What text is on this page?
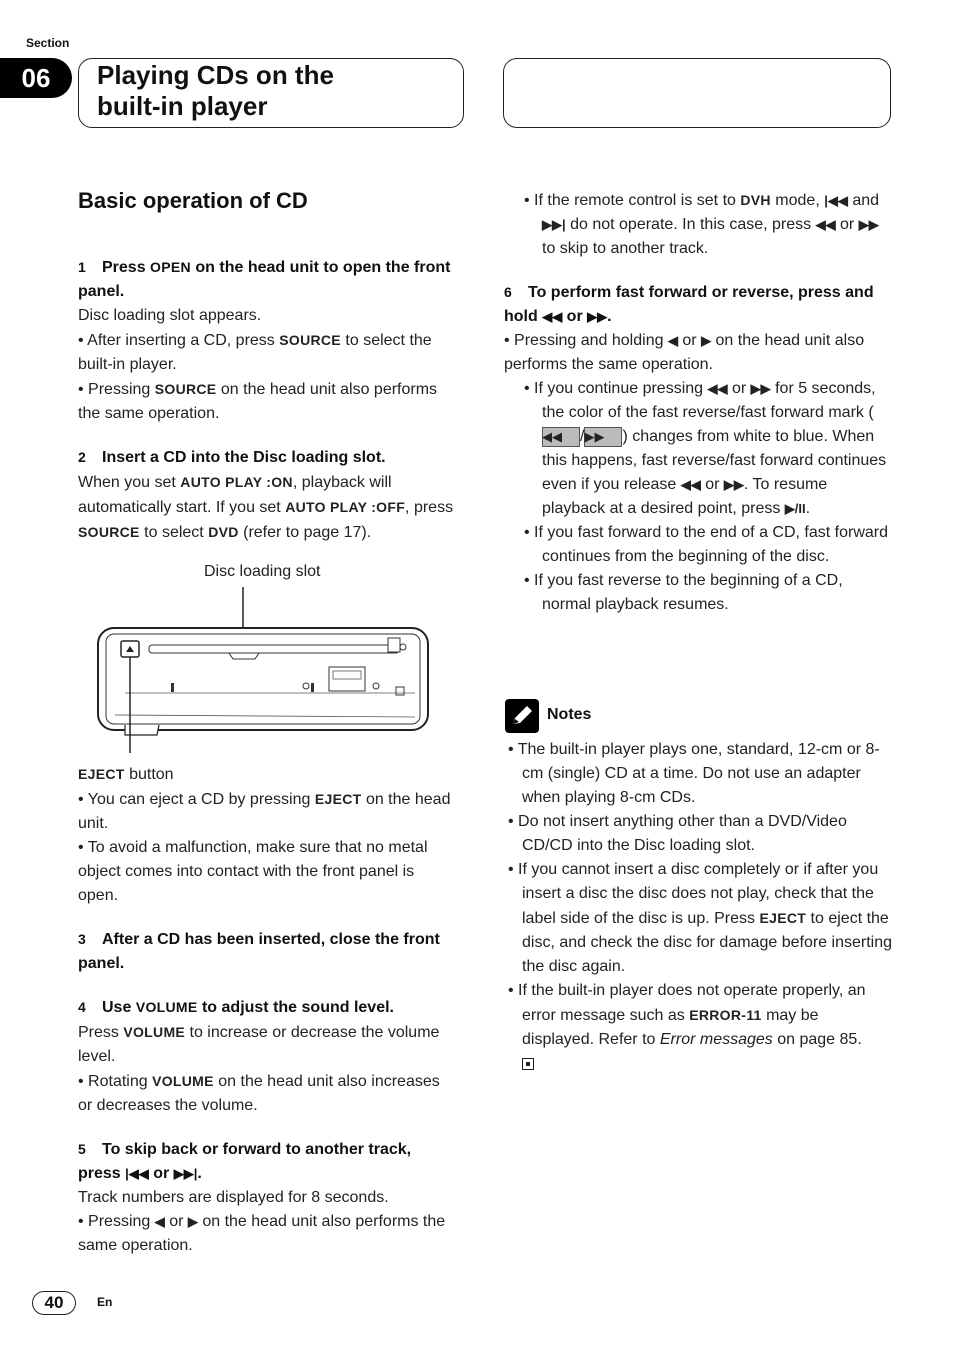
Section
06	Playing CDs on the
built-in player
Basic operation of CD

1 Press OPEN on the head unit to open the front panel.

Disc loading slot appears.

• After inserting a CD, press SOURCE to select the built-in player.

• Pressing SOURCE on the head unit also performs the same operation.

2 Insert a CD into the Disc loading slot.

When you set AUTO PLAY :ON, playback will automatically start. If you set AUTO PLAY :OFF, press SOURCE to select DVD (refer to page 17).

Disc loading slot

EJECT button

• You can eject a CD by pressing EJECT on the head unit.

• To avoid a malfunction, make sure that no metal object comes into contact with the front panel is open.

3 After a CD has been inserted, close the front panel.

4 Use VOLUME to adjust the sound level.

Press VOLUME to increase or decrease the volume level.

• Rotating VOLUME on the head unit also increases or decreases the volume.

5 To skip back or forward to another track, press |◀◀ or ▶▶|.

Track numbers are displayed for 8 seconds.

• Pressing ◀ or ▶ on the head unit also performs the same operation.

• If the remote control is set to DVH mode, |◀◀ and ▶▶| do not operate. In this case, press ◀◀ or ▶▶ to skip to another track.

6 To perform fast forward or reverse, press and hold ◀◀ or ▶▶.

• Pressing and holding ◀ or ▶ on the head unit also performs the same operation.

• If you continue pressing ◀◀ or ▶▶ for 5 seconds, the color of the fast reverse/fast forward mark (◀◀ /▶▶ ) changes from white to blue. When this happens, fast reverse/fast forward continues even if you release ◀◀ or ▶▶. To resume playback at a desired point, press ▶/II.

• If you fast forward to the end of a CD, fast forward continues from the beginning of the disc.

• If you fast reverse to the beginning of a CD, normal playback resumes.

Notes

• The built-in player plays one, standard, 12-cm or 8-cm (single) CD at a time. Do not use an adapter when playing 8-cm CDs.

• Do not insert anything other than a DVD/Video CD/CD into the Disc loading slot.

• If you cannot insert a disc completely or if after you insert a disc the disc does not play, check that the label side of the disc is up. Press EJECT to eject the disc, and check the disc for damage before inserting the disc again.

• If the built-in player does not operate properly, an error message such as ERROR-11 may be displayed. Refer to Error messages on page 85.

40	En
